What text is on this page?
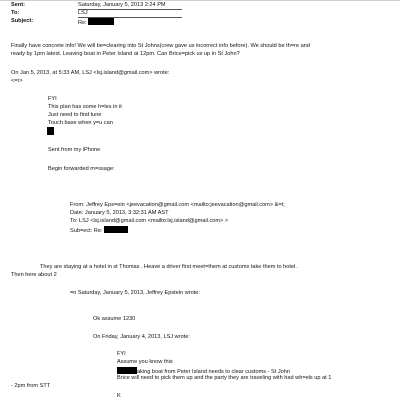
Sent:	Saturday, January 5, 2013 2:24 PM
To:	LSJ
Subject:	Re:
Finally have concrete info! We will be=clearing into St Johns(crew gave us incorrect info before). We should be th=re and
ready by 1pm latest. Leaving boat in Peter Island at 12pm. Can Brice=pick us up in St John?
On Jan 5, 2013, at 5:33 AM, LSJ <lsj.island@gmail.com> wrote:
<=r>
FYI
This plan has some h=les in it
Just need to find tune
Touch base when y=u can
Sent from my iPhone
Begin forwarded m=ssage:
From: Jeffrey Eps=ein <jeevacation@gmail.com <mailto:jeevacation@gmail.com> &=t;
Date: January 5, 2013, 3:32:31 AM AST
To: LSJ <lsj.island@gmail.com <mailto:lsj.island@gmail.com> >
Sub=ect: Re:
They are staying at a hotel in st Thomas . Heave a driver first meet=them at customs take them to hotel .
Then here about 2
=n Saturday, January 5, 2013, Jeffrey Epstein wrote:
Ok assume 1230
On Friday, January 4, 2013, LSJ wrote:
FYI
Assume you know this
aking boat from Peter Island needs to clear customs - St John
Brice will need to pick them up and the party they are traveling with had wh=els up at 1
- 2pm from STT
K
